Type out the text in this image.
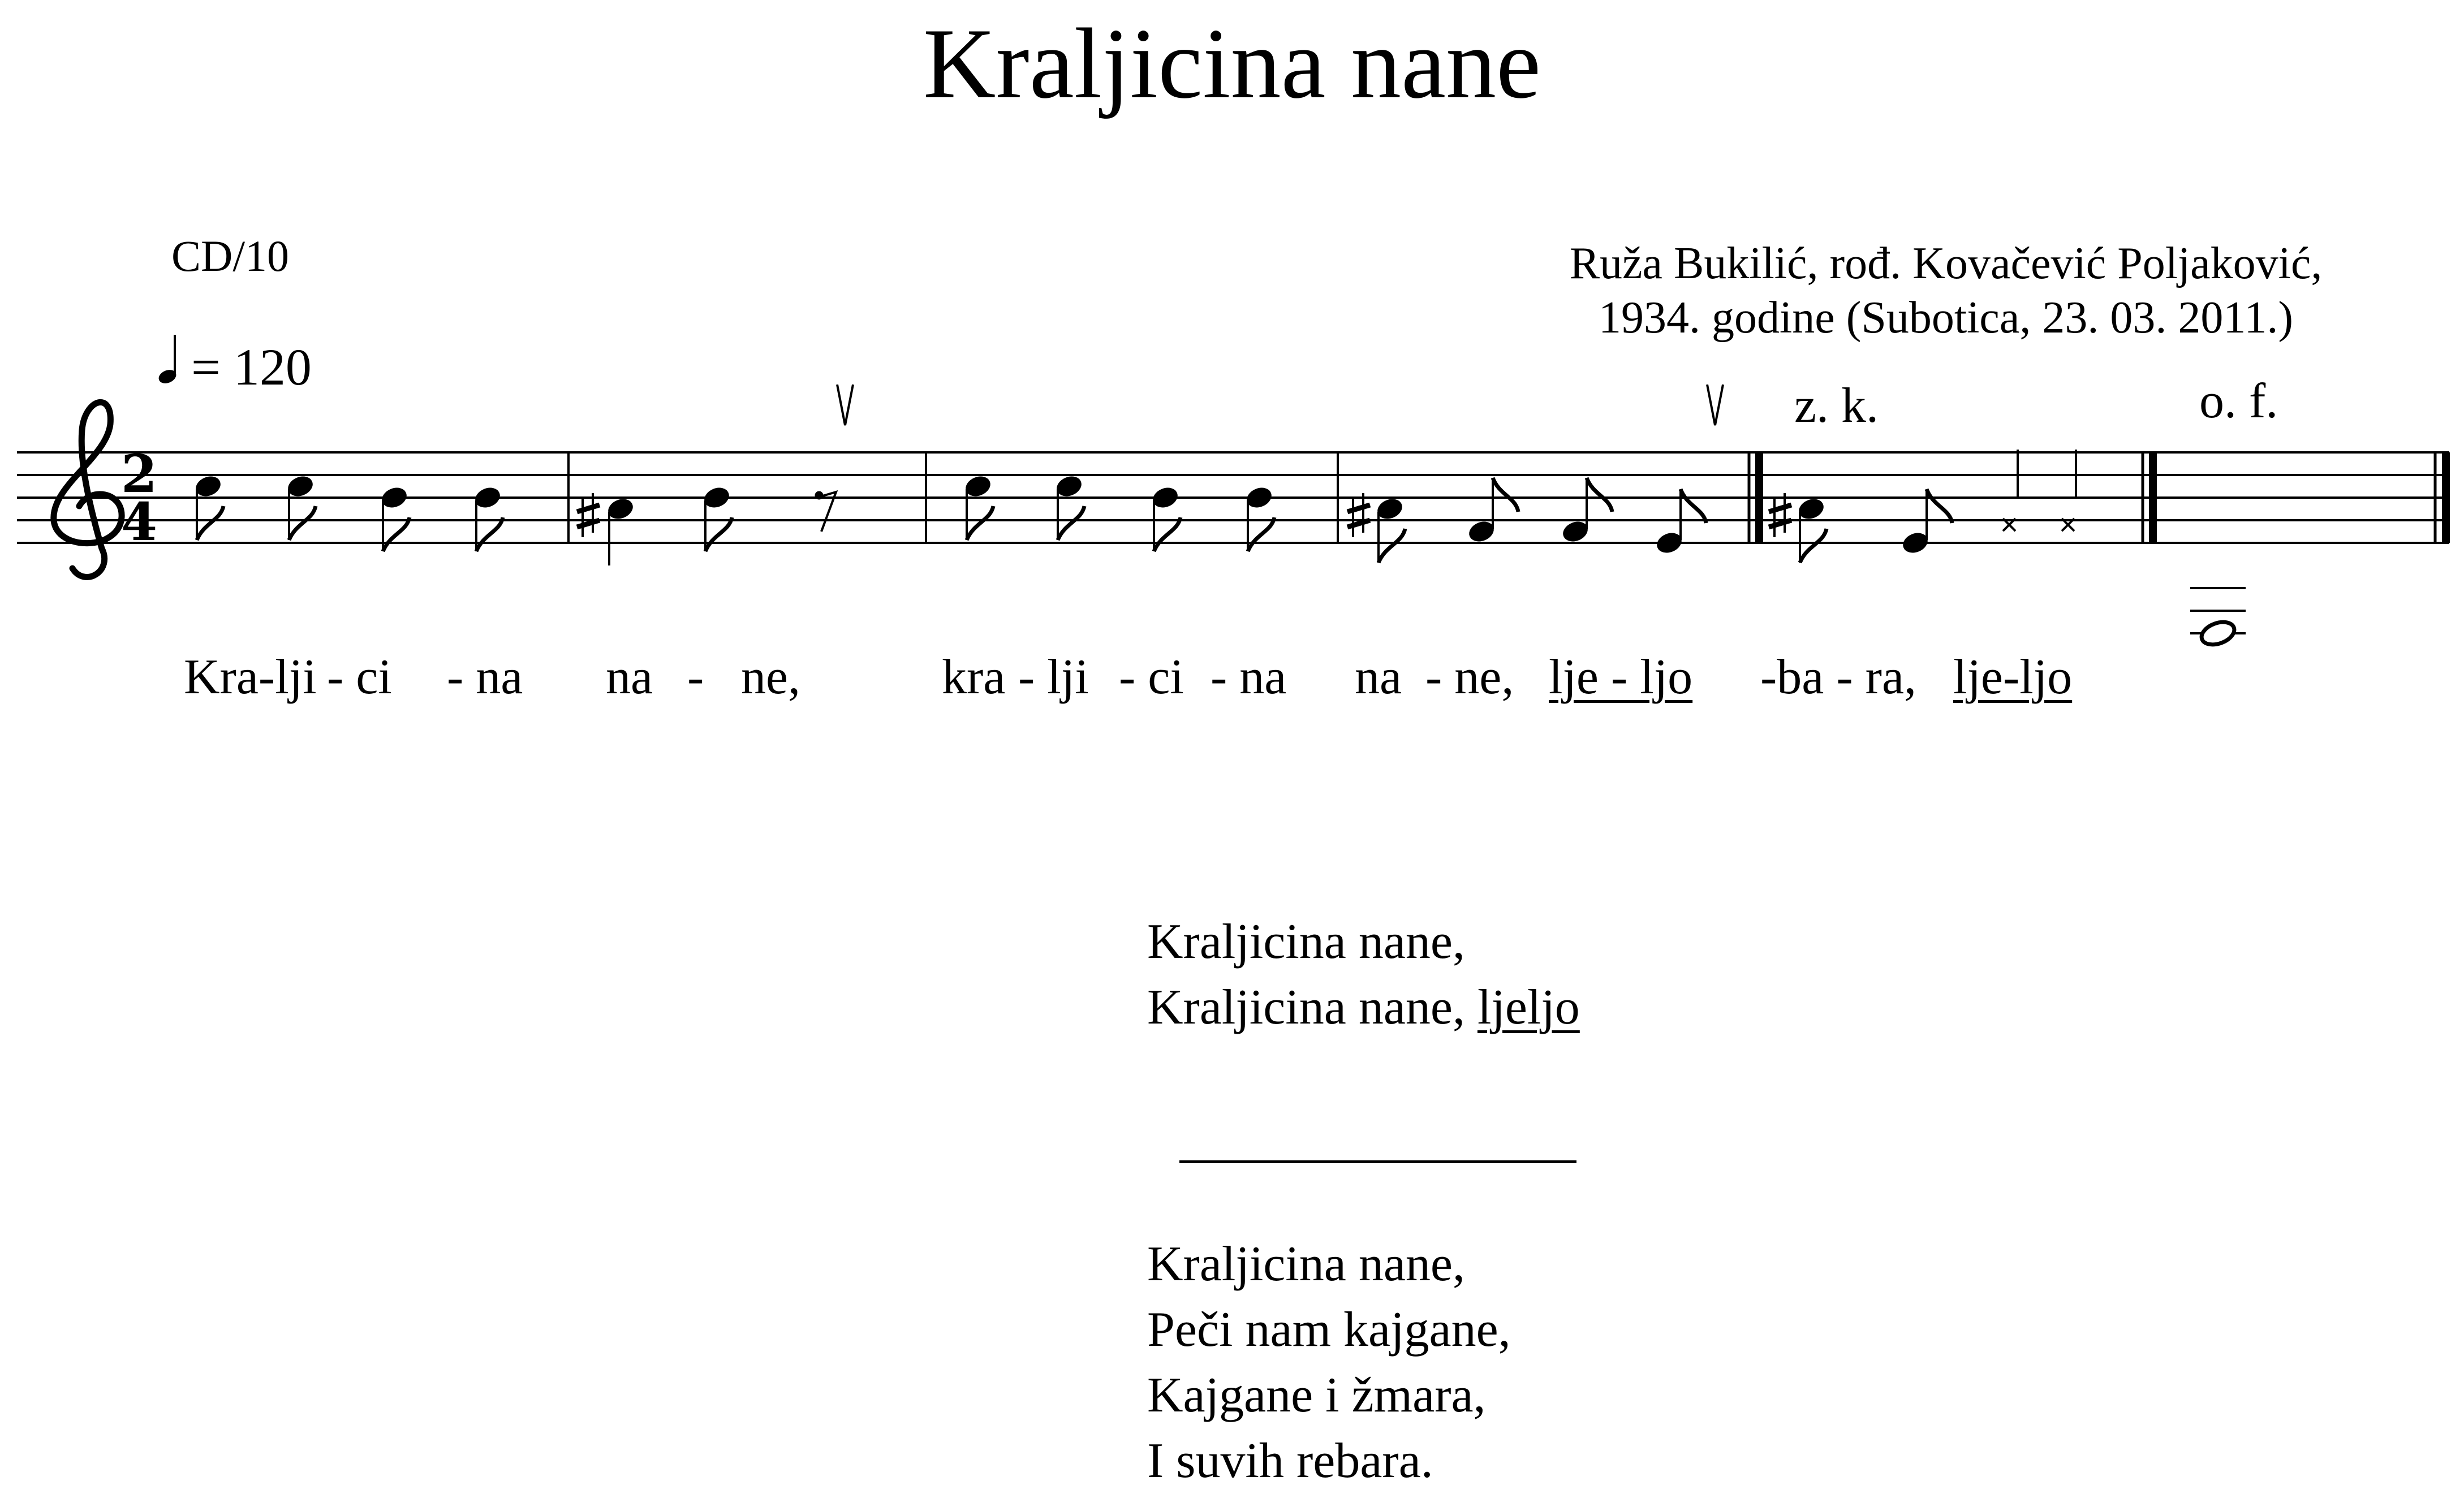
2
4
Kraljicina nane
CD/10
= 120
Ruža Bukilić, rođ. Kovačević Poljaković,
1934. godine (Subotica, 23. 03. 2011.)
z. k.	o. f.
Kra-lji - ci - na na - ne,	kra - lji - ci - na na - ne, lje - ljo -ba - ra, lje-ljo
Kraljicina nane,
Kraljicina nane, ljeljo
Kraljicina nane,
Peči nam kajgane,
Kajgane i žmara,
I suvih rebara.
